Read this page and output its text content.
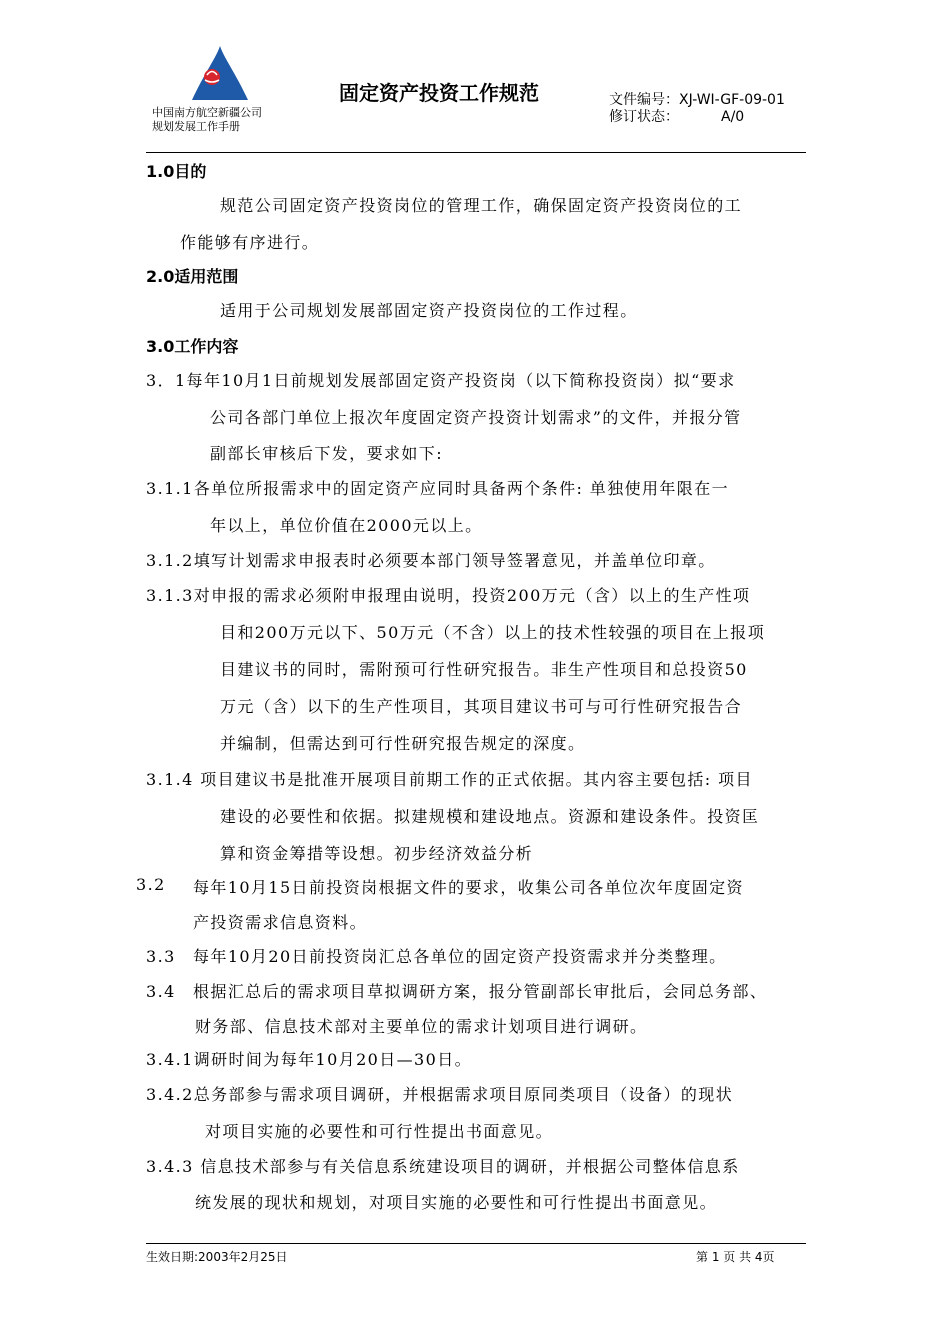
中国南方航空新疆公司
规划发展工作手册
固定资产投资工作规范	文件编号：XJ-WI-GF-09-01
修订状态：	A/0
1.0目的
规范公司固定资产投资岗位的管理工作，确保固定资产投资岗位的工
作能够有序进行。
2.0适用范围
适用于公司规划发展部固定资产投资岗位的工作过程。
3.0工作内容
3．1每年10月1日前规划发展部固定资产投资岗（以下简称投资岗）拟“要求
公司各部门单位上报次年度固定资产投资计划需求”的文件，并报分管
副部长审核后下发，要求如下:
3.1.1各单位所报需求中的固定资产应同时具备两个条件: 单独使用年限在一
年以上，单位价值在2000元以上。
3.1.2填写计划需求申报表时必须要本部门领导签署意见，并盖单位印章。
3.1.3对申报的需求必须附申报理由说明，投资200万元（含）以上的生产性项
目和200万元以下、50万元（不含）以上的技术性较强的项目在上报项
目建议书的同时，需附预可行性研究报告。非生产性项目和总投资50
万元（含）以下的生产性项目，其项目建议书可与可行性研究报告合
并编制，但需达到可行性研究报告规定的深度。
3.1.4 项目建议书是批准开展项目前期工作的正式依据。其内容主要包括: 项目
建设的必要性和依据。拟建规模和建设地点。资源和建设条件。投资匡
算和资金筹措等设想。初步经济效益分析
3.2 每年10月15日前投资岗根据文件的要求，收集公司各单位次年度固定资
产投资需求信息资料。
3.3　每年10月20日前投资岗汇总各单位的固定资产投资需求并分类整理。
3.4　根据汇总后的需求项目草拟调研方案，报分管副部长审批后，会同总务部、
财务部、信息技术部对主要单位的需求计划项目进行调研。
3.4.1调研时间为每年10月20日—30日。
3.4.2总务部参与需求项目调研，并根据需求项目原同类项目（设备）的现状
对项目实施的必要性和可行性提出书面意见。
3.4.3 信息技术部参与有关信息系统建设项目的调研，并根据公司整体信息系
统发展的现状和规划，对项目实施的必要性和可行性提出书面意见。
生效日期:2003年2月25日	第 1 页 共 4页
